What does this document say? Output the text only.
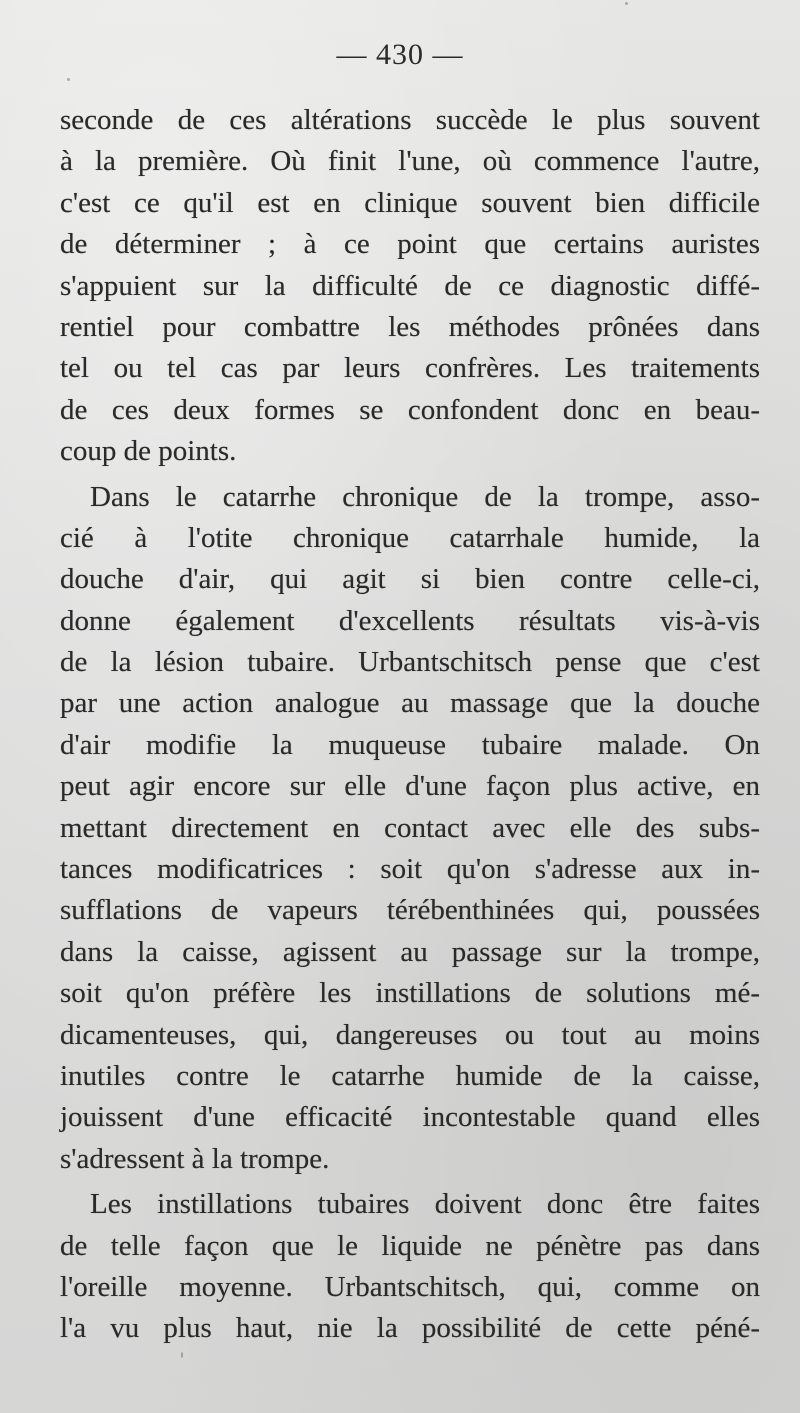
— 430 —
seconde de ces altérations succède le plus souvent
à la première. Où finit l'une, où commence l'autre,
c'est ce qu'il est en clinique souvent bien difficile
de déterminer ; à ce point que certains auristes
s'appuient sur la difficulté de ce diagnostic diffé-
rentiel pour combattre les méthodes prônées dans
tel ou tel cas par leurs confrères. Les traitements
de ces deux formes se confondent donc en beau-
coup de points.
Dans le catarrhe chronique de la trompe, asso-
cié à l'otite chronique catarrhale humide, la
douche d'air, qui agit si bien contre celle-ci,
donne également d'excellents résultats vis-à-vis
de la lésion tubaire. Urbantschitsch pense que c'est
par une action analogue au massage que la douche
d'air modifie la muqueuse tubaire malade. On
peut agir encore sur elle d'une façon plus active, en
mettant directement en contact avec elle des subs-
tances modificatrices : soit qu'on s'adresse aux in-
sufflations de vapeurs térébenthinées qui, poussées
dans la caisse, agissent au passage sur la trompe,
soit qu'on préfère les instillations de solutions mé-
dicamenteuses, qui, dangereuses ou tout au moins
inutiles contre le catarrhe humide de la caisse,
jouissent d'une efficacité incontestable quand elles
s'adressent à la trompe.
Les instillations tubaires doivent donc être faites
de telle façon que le liquide ne pénètre pas dans
l'oreille moyenne. Urbantschitsch, qui, comme on
l'a vu plus haut, nie la possibilité de cette péné-
